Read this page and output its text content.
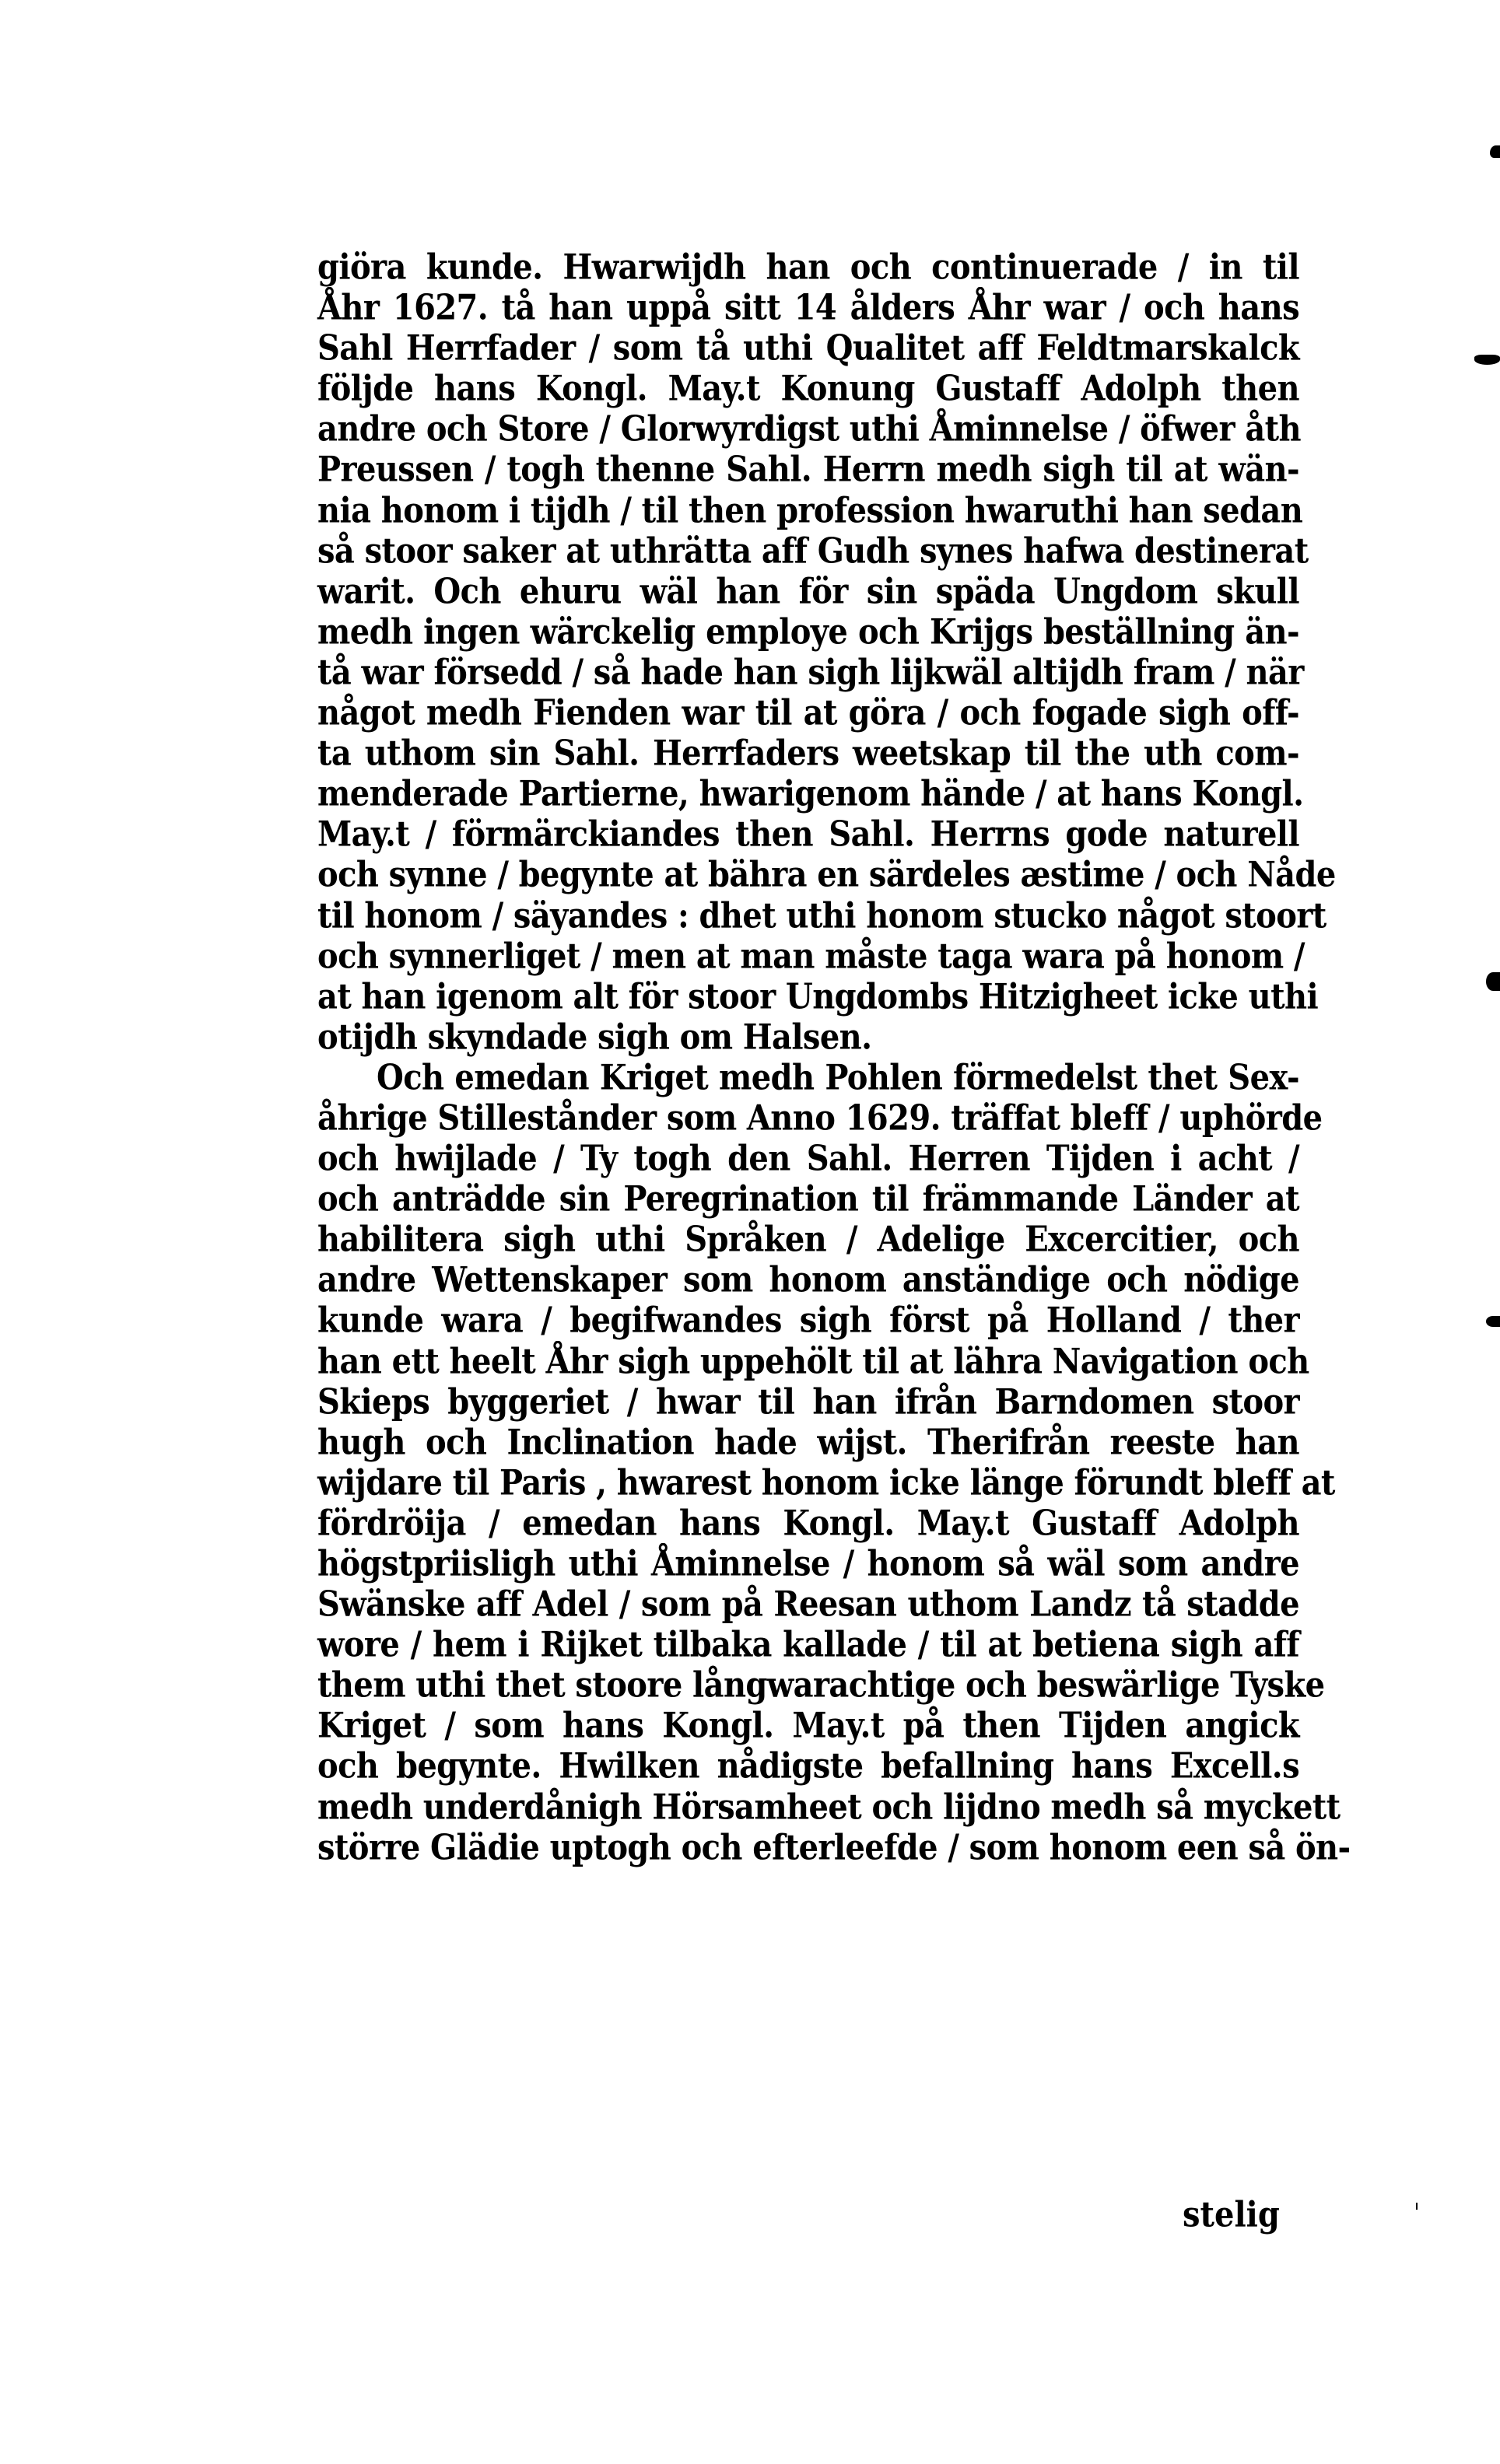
giöra kunde. Hwarwijdh han och continuerade / in til
Åhr 1627. tå han uppå sitt 14 ålders Åhr war / och hans
Sahl Herrfader / som tå uthi Qualitet aff Feldtmarskalck
följde hans Kongl. May.t Konung Gustaff Adolph then
andre och Store / Glorwyrdigst uthi Åminnelse / öfwer åth
Preussen / togh thenne Sahl. Herrn medh sigh til at wän-
nia honom i tijdh / til then profession hwaruthi han sedan
så stoor saker at uthrätta aff Gudh synes hafwa destinerat
warit. Och ehuru wäl han för sin späda Ungdom skull
medh ingen wärckelig employe och Krijgs beställning än-
tå war försedd / så hade han sigh lijkwäl altijdh fram / när
något medh Fienden war til at göra / och fogade sigh off-
ta uthom sin Sahl. Herrfaders weetskap til the uth com-
menderade Partierne, hwarigenom hände / at hans Kongl.
May.t / förmärckiandes then Sahl. Herrns gode naturell
och synne / begynte at bähra en särdeles æstime / och Nåde
til honom / säyandes : dhet uthi honom stucko något stoort
och synnerliget / men at man måste taga wara på honom /
at han igenom alt för stoor Ungdombs Hitzigheet icke uthi
otijdh skyndade sigh om Halsen.
Och emedan Kriget medh Pohlen förmedelst thet Sex-
åhrige Stillestånder som Anno 1629. träffat bleff / uphörde
och hwijlade / Ty togh den Sahl. Herren Tijden i acht /
och anträdde sin Peregrination til främmande Länder at
habilitera sigh uthi Språken / Adelige Excercitier, och
andre Wettenskaper som honom anständige och nödige
kunde wara / begifwandes sigh först på Holland / ther
han ett heelt Åhr sigh uppehölt til at lähra Navigation och
Skieps byggeriet / hwar til han ifrån Barndomen stoor
hugh och Inclination hade wijst. Therifrån reeste han
wijdare til Paris , hwarest honom icke länge förundt bleff at
fördröija / emedan hans Kongl. May.t Gustaff Adolph
högstpriisligh uthi Åminnelse / honom så wäl som andre
Swänske aff Adel / som på Reesan uthom Landz tå stadde
wore / hem i Rijket tilbaka kallade / til at betiena sigh aff
them uthi thet stoore långwarachtige och beswärlige Tyske
Kriget / som hans Kongl. May.t på then Tijden angick
och begynte. Hwilken nådigste befallning hans Excell.s
medh underdånigh Hörsamheet och lijdno medh så myckett
större Glädie uptogh och efterleefde / som honom een så ön-
stelig
